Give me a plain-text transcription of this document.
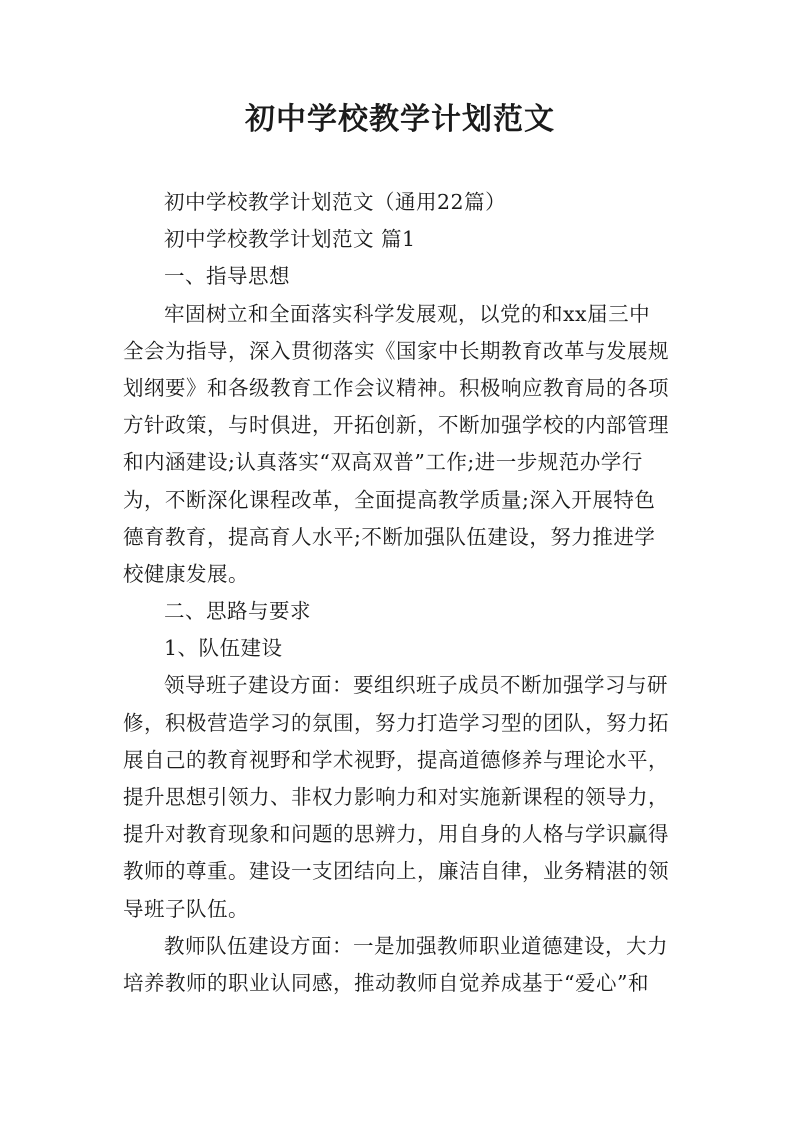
初中学校教学计划范文

初中学校教学计划范文（通用22篇）

初中学校教学计划范文 篇1

一、指导思想

牢固树立和全面落实科学发展观，以党的和xx届三中

全会为指导，深入贯彻落实《国家中长期教育改革与发展规

划纲要》和各级教育工作会议精神。积极响应教育局的各项

方针政策，与时俱进，开拓创新，不断加强学校的内部管理

和内涵建设;认真落实“双高双普”工作;进一步规范办学行

为，不断深化课程改革，全面提高教学质量;深入开展特色

德育教育，提高育人水平;不断加强队伍建设，努力推进学

校健康发展。

二、思路与要求

1、队伍建设

领导班子建设方面：要组织班子成员不断加强学习与研

修，积极营造学习的氛围，努力打造学习型的团队，努力拓

展自己的教育视野和学术视野，提高道德修养与理论水平，

提升思想引领力、非权力影响力和对实施新课程的领导力，

提升对教育现象和问题的思辨力，用自身的人格与学识赢得

教师的尊重。建设一支团结向上，廉洁自律，业务精湛的领

导班子队伍。

教师队伍建设方面：一是加强教师职业道德建设，大力

培养教师的职业认同感，推动教师自觉养成基于“爱心”和
